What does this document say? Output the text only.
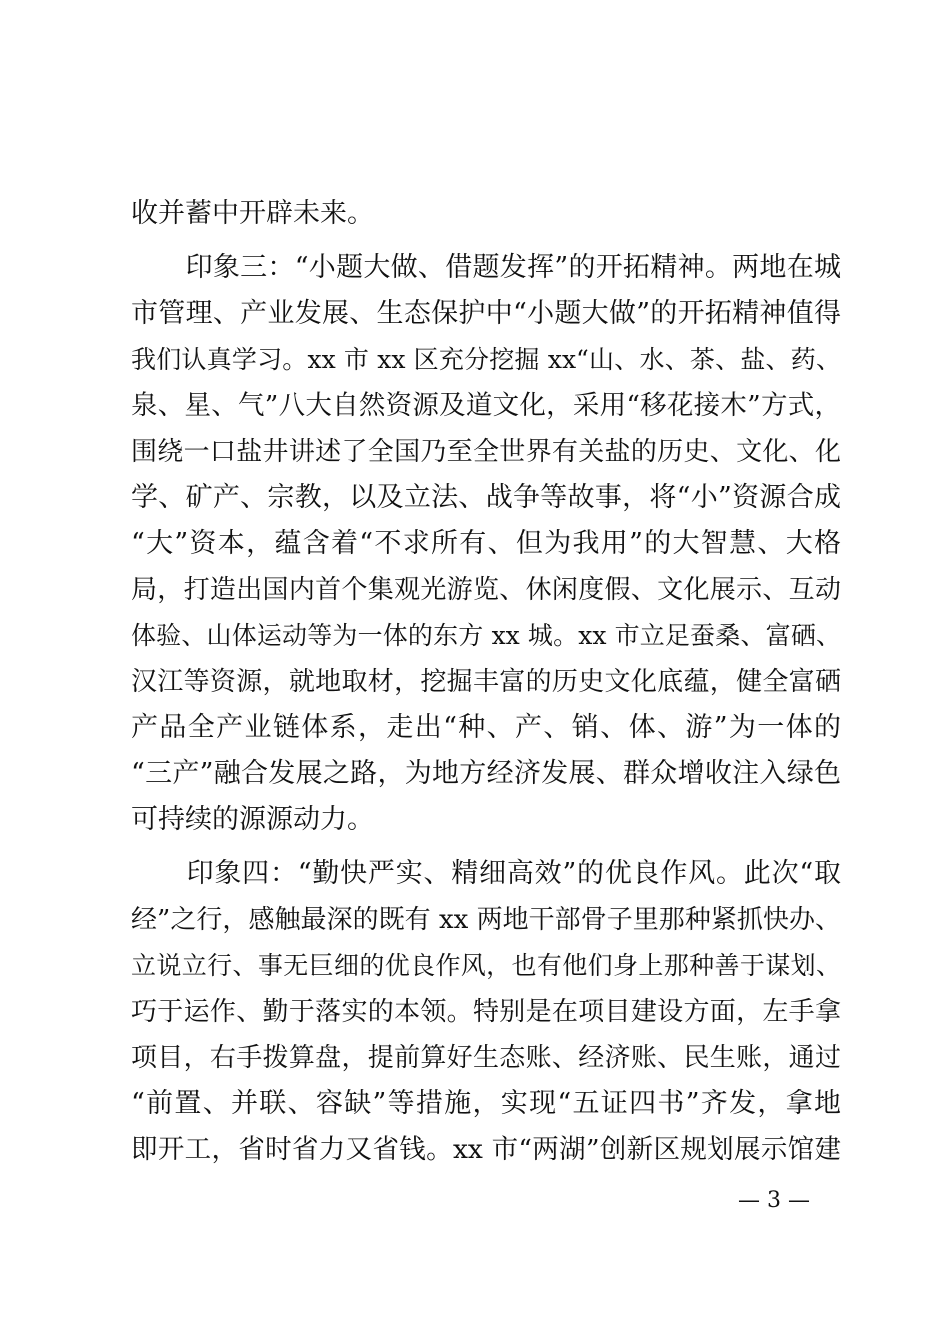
收并蓄中开辟未来。
　　印象三：“小题大做、借题发挥”的开拓精神。两地在城
市管理、产业发展、生态保护中“小题大做”的开拓精神值得
我们认真学习。xx 市 xx 区充分挖掘 xx“山、水、茶、盐、药、
泉、星、气”八大自然资源及道文化，采用“移花接木”方式，
围绕一口盐井讲述了全国乃至全世界有关盐的历史、文化、化
学、矿产、宗教，以及立法、战争等故事，将“小”资源合成
“大”资本，蕴含着“不求所有、但为我用”的大智慧、大格
局，打造出国内首个集观光游览、休闲度假、文化展示、互动
体验、山体运动等为一体的东方 xx 城。xx 市立足蚕桑、富硒、
汉江等资源，就地取材，挖掘丰富的历史文化底蕴，健全富硒
产品全产业链体系，走出“种、产、销、体、游”为一体的
“三产”融合发展之路，为地方经济发展、群众增收注入绿色
可持续的源源动力。
　　印象四：“勤快严实、精细高效”的优良作风。此次“取
经”之行，感触最深的既有 xx 两地干部骨子里那种紧抓快办、
立说立行、事无巨细的优良作风，也有他们身上那种善于谋划、
巧于运作、勤于落实的本领。特别是在项目建设方面，左手拿
项目，右手拨算盘，提前算好生态账、经济账、民生账，通过
“前置、并联、容缺”等措施，实现“五证四书”齐发，拿地
即开工，省时省力又省钱。xx 市“两湖”创新区规划展示馆建
— 3 —
